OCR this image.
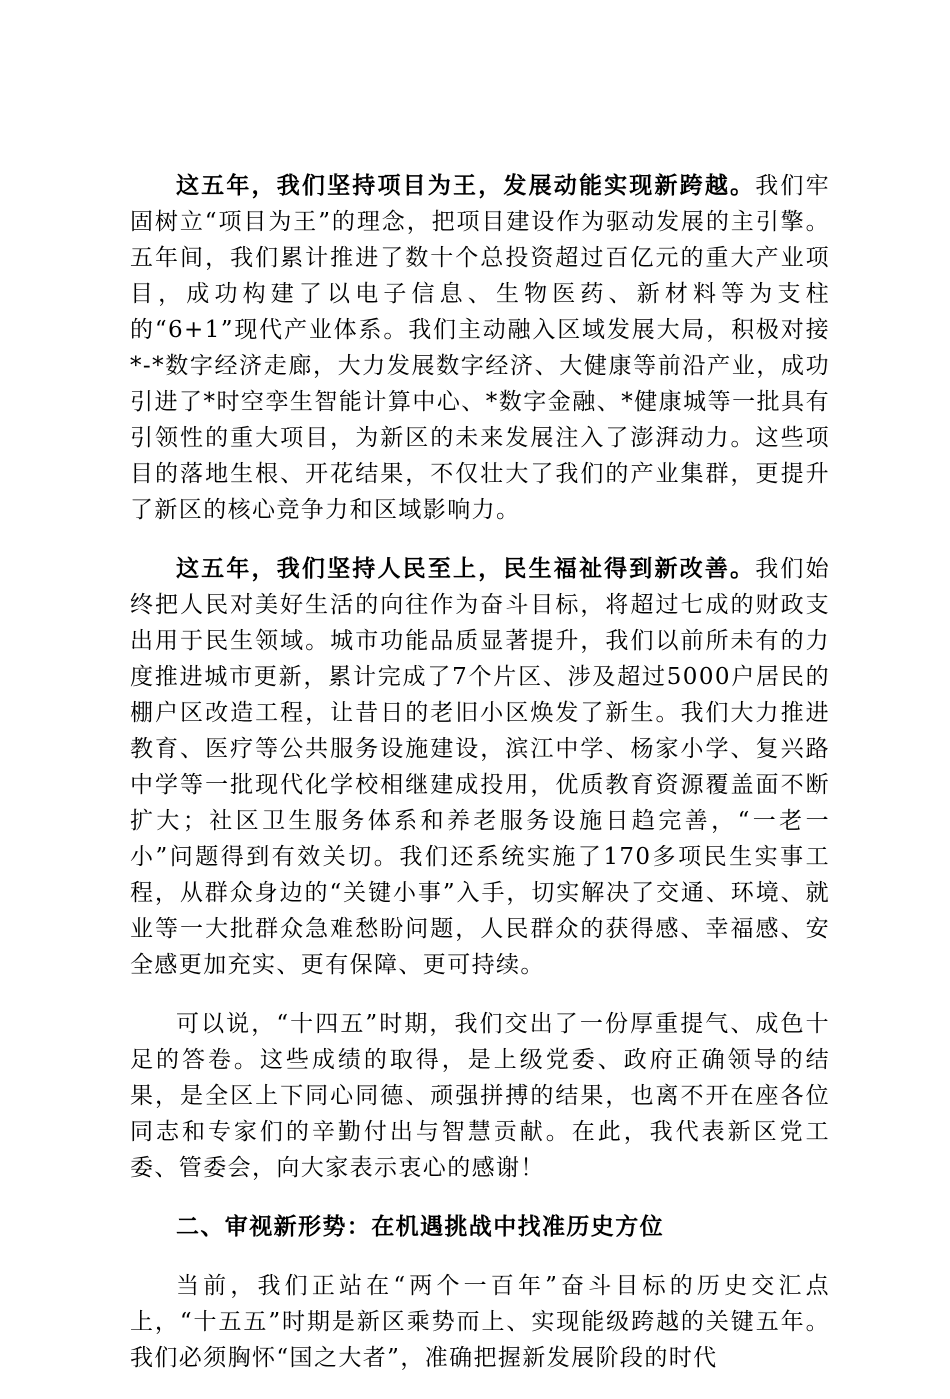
这五年，我们坚持项目为王，发展动能实现新跨越。我们牢固树立“项目为王”的理念，把项目建设作为驱动发展的主引擎。五年间，我们累计推进了数十个总投资超过百亿元的重大产业项目，成功构建了以电子信息、生物医药、新材料等为支柱的“6+1”现代产业体系。我们主动融入区域发展大局，积极对接*-*数字经济走廊，大力发展数字经济、大健康等前沿产业，成功引进了*时空孪生智能计算中心、*数字金融、*健康城等一批具有引领性的重大项目，为新区的未来发展注入了澎湃动力。这些项目的落地生根、开花结果，不仅壮大了我们的产业集群，更提升了新区的核心竞争力和区域影响力。

这五年，我们坚持人民至上，民生福祉得到新改善。我们始终把人民对美好生活的向往作为奋斗目标，将超过七成的财政支出用于民生领域。城市功能品质显著提升，我们以前所未有的力度推进城市更新，累计完成了7个片区、涉及超过5000户居民的棚户区改造工程，让昔日的老旧小区焕发了新生。我们大力推进教育、医疗等公共服务设施建设，滨江中学、杨家小学、复兴路中学等一批现代化学校相继建成投用，优质教育资源覆盖面不断扩大；社区卫生服务体系和养老服务设施日趋完善，“一老一小”问题得到有效关切。我们还系统实施了170多项民生实事工程，从群众身边的“关键小事”入手，切实解决了交通、环境、就业等一大批群众急难愁盼问题，人民群众的获得感、幸福感、安全感更加充实、更有保障、更可持续。

可以说，“十四五”时期，我们交出了一份厚重提气、成色十足的答卷。这些成绩的取得，是上级党委、政府正确领导的结果，是全区上下同心同德、顽强拼搏的结果，也离不开在座各位同志和专家们的辛勤付出与智慧贡献。在此，我代表新区党工委、管委会，向大家表示衷心的感谢！

二、审视新形势：在机遇挑战中找准历史方位

当前，我们正站在“两个一百年”奋斗目标的历史交汇点上，“十五五”时期是新区乘势而上、实现能级跨越的关键五年。我们必须胸怀“国之大者”，准确把握新发展阶段的时代
